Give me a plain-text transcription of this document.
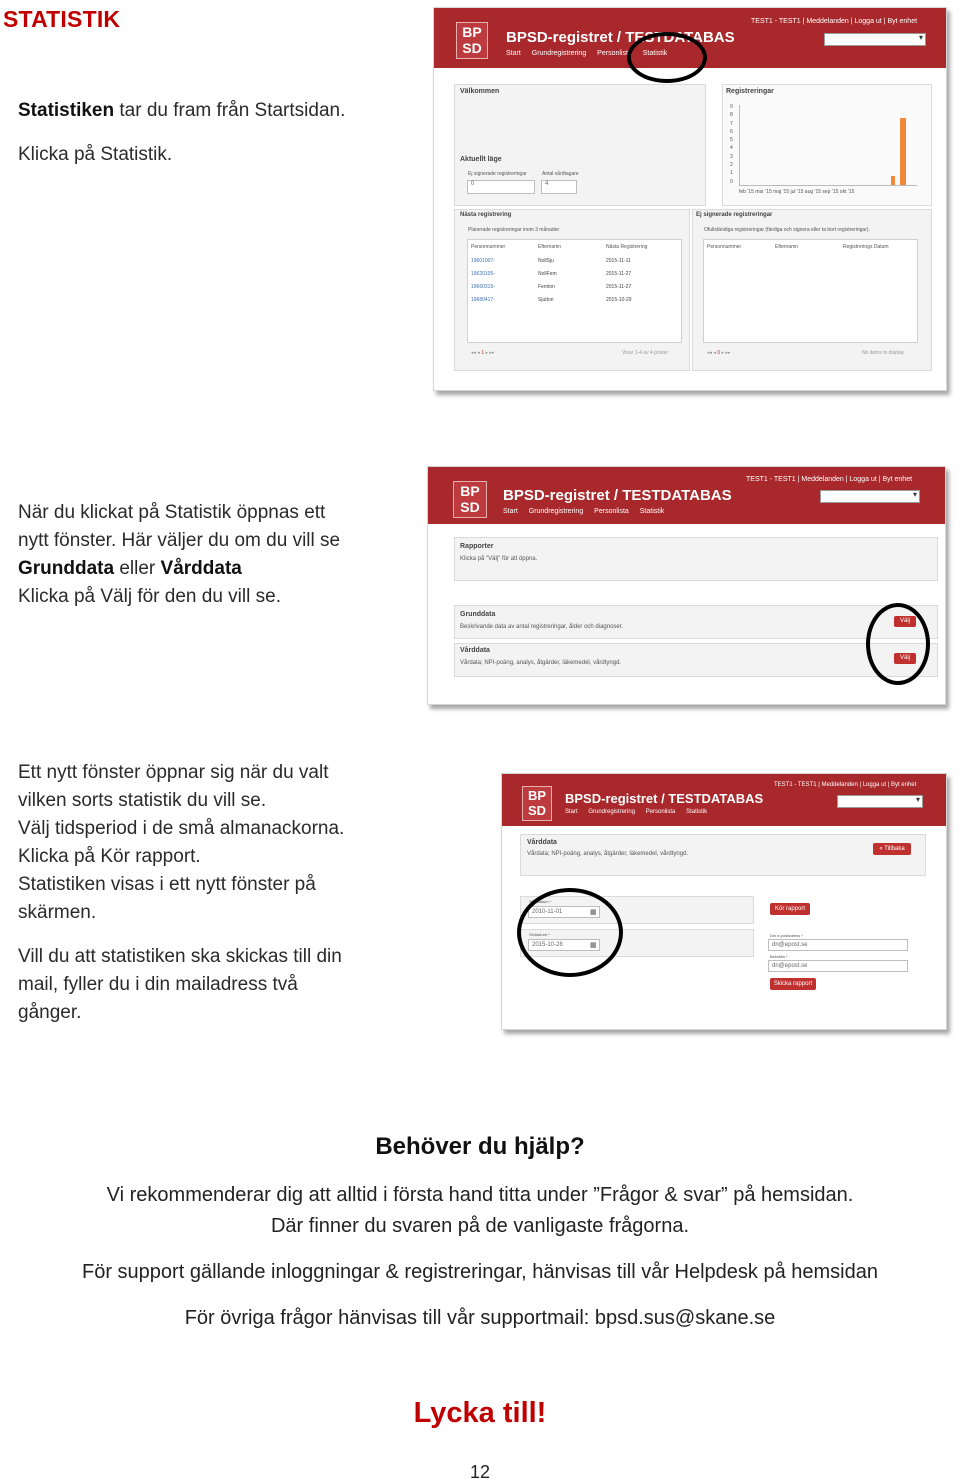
STATISTIK

Statistiken tar du fram från Startsidan.

Klicka på Statistik.

BP
SD
BPSD-registret / TESTDATABAS
TEST1 - TEST1 | Meddelanden | Logga ut | Byt enhet
▾
Start Grundregistrering Personlista Statistik
Välkommen
Aktuellt läge
Ej signerade registreringar	Antal vårdtagare
0	4
Registreringar
9
8
7
6
5
4
3
2
1
0
feb '15 mar '15 maj '15 jul '15 aug '15 sep '15 okt '15
Nästa registrering
Planerade registreringar inom 3 månader
Personnummer	Efternamn	Nästa Registrering
19601007-	NollSju	2015-11-11
19620105-	NollFem	2015-11-27
19660315-	Femton	2015-11-27
19680417-	Sjutton	2015-10-29
◂◂ ◂ 1 ▸ ▸▸	Visar 1-4 av 4 poster
Ej signerade registreringar
Ofullständiga registreringar (färdiga och signera eller ta bort registreringar).
Personnummer	Efternamn	Registrerings Datum
◂◂ ◂ 0 ▸ ▸▸	No items to display

När du klickat på Statistik öppnas ett

nytt fönster. Här väljer du om du vill se

Grunddata eller Vårddata

Klicka på Välj för den du vill se.

BP
SD
BPSD-registret / TESTDATABAS
TEST1 - TEST1 | Meddelanden | Logga ut | Byt enhet
▾
Start Grundregistrering Personlista Statistik
Rapporter
Klicka på "Välj" för att öppna.
Grunddata
Beskrivande data av antal registreringar, ålder och diagnoser.
Välj
Vårddata
Vårdata; NPI-poäng, analys, åtgärder, läkemedel, vårdtyngd.
Välj

Ett nytt fönster öppnar sig när du valt

vilken sorts statistik du vill se.

Välj tidsperiod i de små almanackorna.

Klicka på Kör rapport.

Statistiken visas i ett nytt fönster på

skärmen.

Vill du att statistiken ska skickas till din

mail, fyller du i din mailadress två

gånger.

BP
SD
BPSD-registret / TESTDATABAS
TEST1 - TEST1 | Meddelanden | Logga ut | Byt enhet
▾
Start Grundregistrering Personlista Statistik
Vårddata
Vårdata; NPI-poäng, analys, åtgärder, läkemedel, vårdtyngd.
« Tillbaka
Startdatum *
2010-11-01	▦
Slutdatum *
2015-10-28	▦
Kör rapport
Din e-postadress *
dn@epost.se
Bekräfta *
dn@epost.se
Skicka rapport
Behöver du hjälp?
Vi rekommenderar dig att alltid i första hand titta under ”Frågor & svar” på hemsidan.
Där finner du svaren på de vanligaste frågorna.
För support gällande inloggningar & registreringar, hänvisas till vår Helpdesk på hemsidan
För övriga frågor hänvisas till vår supportmail: bpsd.sus@skane.se
Lycka till!
12
